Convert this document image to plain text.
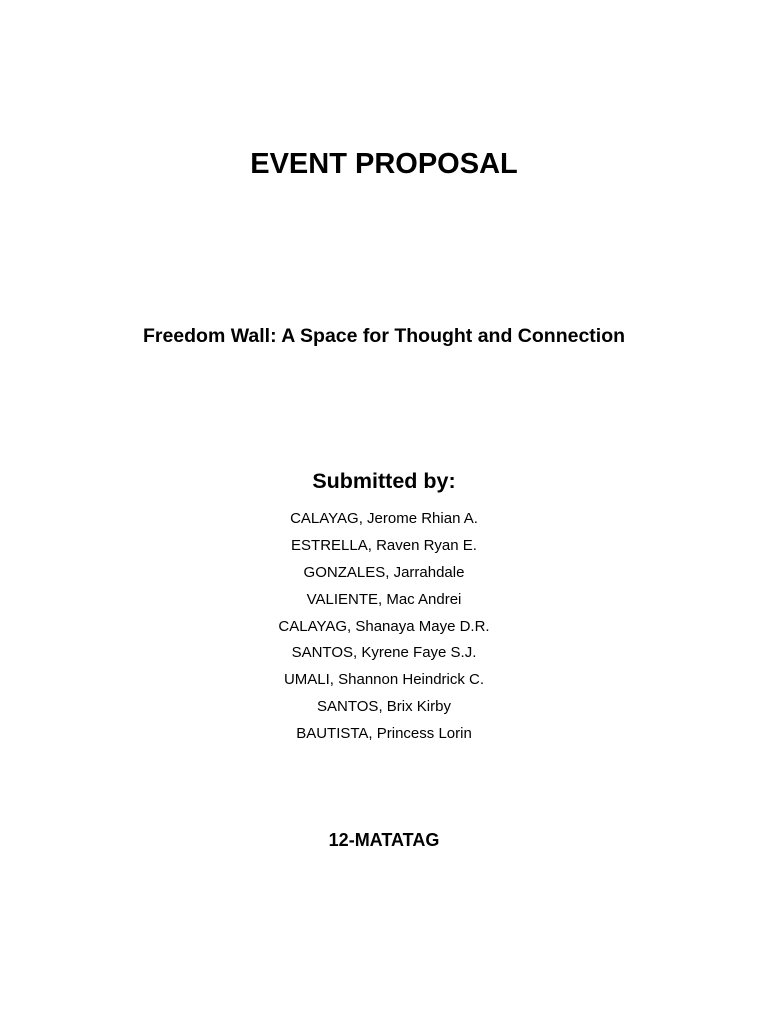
EVENT PROPOSAL
Freedom Wall: A Space for Thought and Connection
Submitted by:
CALAYAG, Jerome Rhian A.
ESTRELLA, Raven Ryan E.
GONZALES, Jarrahdale
VALIENTE, Mac Andrei
CALAYAG, Shanaya Maye D.R.
SANTOS, Kyrene Faye S.J.
UMALI, Shannon Heindrick C.
SANTOS, Brix Kirby
BAUTISTA, Princess Lorin

12-MATATAG
